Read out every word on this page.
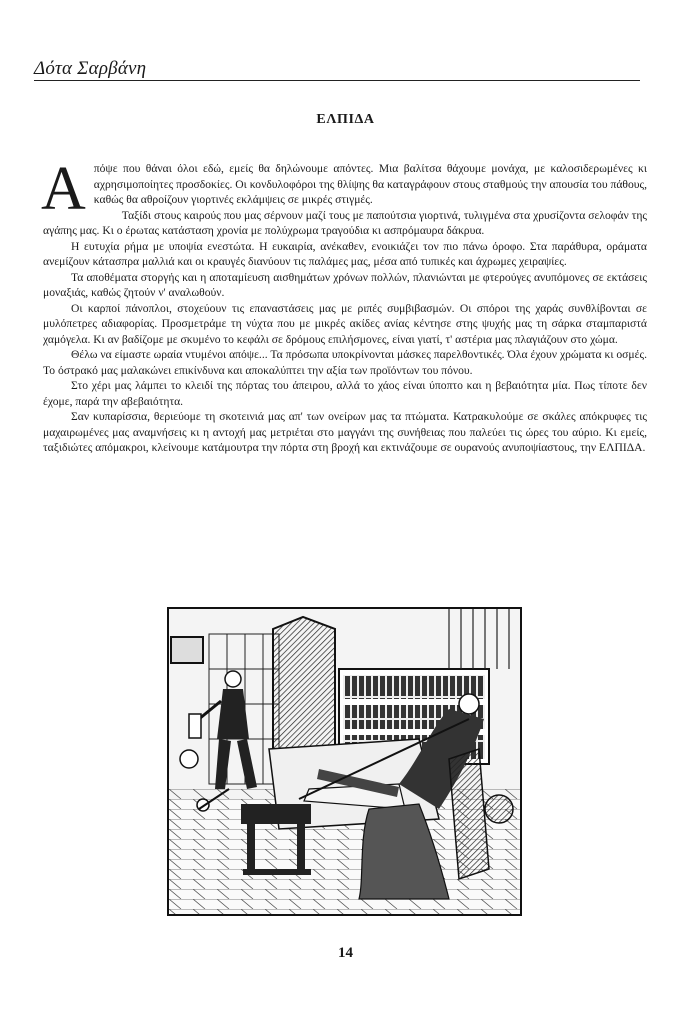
Δότα Σαρβάνη
ΕΛΠΙΔΑ

Απόψε που θάναι όλοι εδώ, εμείς θα δηλώνουμε απόντες. Μια βαλίτσα θάχουμε μονάχα, με καλοσιδερωμένες κι αχρησιμοποίητες προσδοκίες. Οι κονδυλοφόροι της θλίψης θα καταγράφουν στους σταθμούς την απουσία του πάθους, καθώς θα αθροίζουν γιορτινές εκλάμψεις σε μικρές στιγμές.

Ταξίδι στους καιρούς που μας σέρνουν μαζί τους με παπούτσια γιορτινά, τυλιγμένα στα χρυσίζοντα σελοφάν της αγάπης μας. Κι ο έρωτας κατάσταση χρονία με πολύχρωμα τραγούδια κι ασπρόμαυρα δάκρυα.

Η ευτυχία ρήμα με υποψία ενεστώτα. Η ευκαιρία, ανέκαθεν, ενοικιάζει τον πιο πάνω όροφο. Στα παράθυρα, οράματα ανεμίζουν κάτασπρα μαλλιά και οι κραυγές διανύουν τις παλάμες μας, μέσα από τυπικές και άχρωμες χειραψίες.

Τα αποθέματα στοργής και η αποταμίευση αισθημάτων χρόνων πολλών, πλανιώνται με φτερούγες ανυπόμονες σε εκτάσεις μοναξιάς, καθώς ζητούν ν' αναλωθούν.

Οι καρποί πάνοπλοι, στοχεύουν τις επαναστάσεις μας με ριπές συμβιβασμών. Οι σπόροι της χαράς συνθλίβονται σε μυλόπετρες αδιαφορίας. Προσμετράμε τη νύχτα που με μικρές ακίδες ανίας κέντησε στης ψυχής μας τη σάρκα σταμπαριστά χαμόγελα. Κι αν βαδίζομε με σκυμένο το κεφάλι σε δρόμους επιλήσμονες, είναι γιατί, τ' αστέρια μας πλαγιάζουν στο χώμα.

Θέλω να είμαστε ωραία ντυμένοι απόψε... Τα πρόσωπα υποκρίνονται μάσκες παρελθοντικές. Όλα έχουν χρώματα κι οσμές. Το όστρακό μας μαλακώνει επικίνδυνα και αποκαλύπτει την αξία των προϊόντων του πόνου.

Στο χέρι μας λάμπει το κλειδί της πόρτας του άπειρου, αλλά το χάος είναι ύποπτο και η βεβαιότητα μία. Πως τίποτε δεν έχομε, παρά την αβεβαιότητα.

Σαν κυπαρίσσια, θεριεύομε τη σκοτεινιά μας απ' των ονείρων μας τα πτώματα. Κατρακυλούμε σε σκάλες απόκρυφες τις μαχαιρωμένες μας αναμνήσεις κι η αντοχή μας μετριέται στο μαγγάνι της συνήθειας που παλεύει τις ώρες του αύριο. Κι εμείς, ταξιδιώτες απόμακροι, κλείνουμε κατάμουτρα την πόρτα στη βροχή και εκτινάζουμε σε ουρανούς ανυποψίαστους, την ΕΛΠΙΔΑ.

14
